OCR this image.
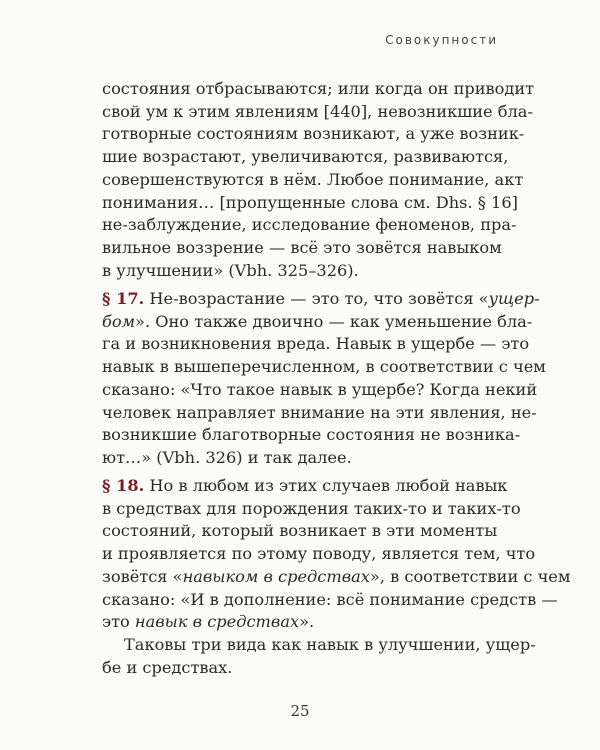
Совокупности

состояния отбрасываются; или когда он приводит
свой ум к этим явлениям [440], невозникшие бла-
готворные состояниям возникают, а уже возник-
шие возрастают, увеличиваются, развиваются,
совершенствуются в нём. Любое понимание, акт
понимания… [пропущенные слова см. Dhs. § 16]
не-заблуждение, исследование феноменов, пра-
вильное воззрение — всё это зовётся навыком
в улучшении» (Vbh. 325–326).

§ 17. Не-возрастание — это то, что зовётся «ущер-
бом». Оно также двоично — как уменьшение бла-
га и возникновения вреда. Навык в ущербе — это
навык в вышеперечисленном, в соответствии с чем
сказано: «Что такое навык в ущербе? Когда некий
человек направляет внимание на эти явления, не-
возникшие благотворные состояния не возника-
ют…» (Vbh. 326) и так далее.

§ 18. Но в любом из этих случаев любой навык
в средствах для порождения таких-то и таких-то
состояний, который возникает в эти моменты
и проявляется по этому поводу, является тем, что
зовётся «навыком в средствах», в соответствии с чем
сказано: «И в дополнение: всё понимание средств —
это навык в средствах».

Таковы три вида как навык в улучшении, ущер-
бе и средствах.

25
